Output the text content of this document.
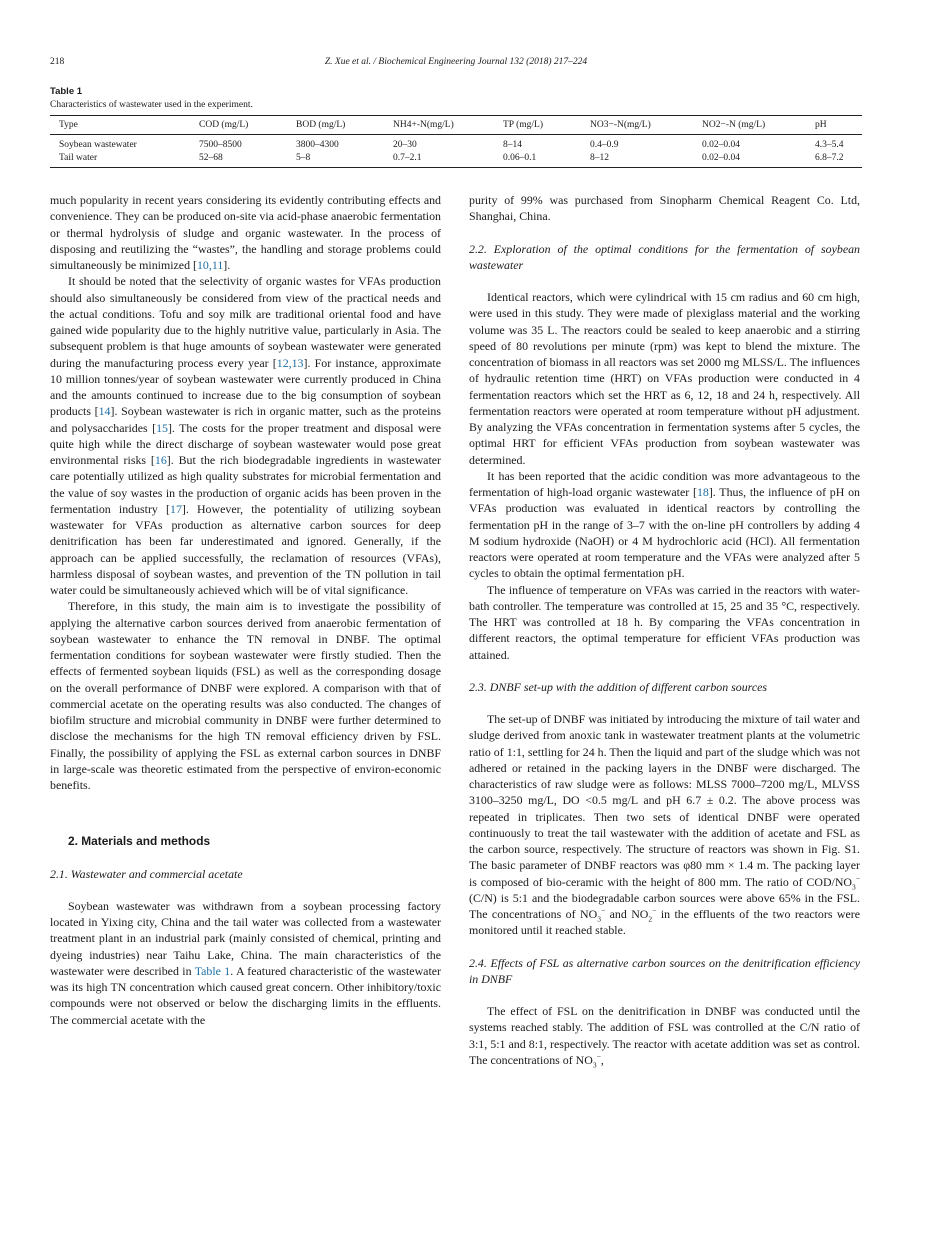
218	Z. Xue et al. / Biochemical Engineering Journal 132 (2018) 217–224
Table 1
Characteristics of wastewater used in the experiment.
Type	COD (mg/L)	BOD (mg/L)	NH4+-N(mg/L)	TP (mg/L)	NO3−-N(mg/L)	NO2−-N (mg/L)	pH
Soybean wastewater	7500–8500	3800–4300	20–30	8–14	0.4–0.9	0.02–0.04	4.3–5.4
Tail water	52–68	5–8	0.7–2.1	0.06–0.1	8–12	0.02–0.04	6.8–7.2

much popularity in recent years considering its evidently contributing effects and convenience. They can be produced on-site via acid-phase anaerobic fermentation or thermal hydrolysis of sludge and organic wastewater. In the process of disposing and reutilizing the “wastes”, the handling and storage problems could simultaneously be minimized [10,11].

It should be noted that the selectivity of organic wastes for VFAs production should also simultaneously be considered from view of the practical needs and the actual conditions. Tofu and soy milk are traditional oriental food and have gained wide popularity due to the highly nutritive value, particularly in Asia. The subsequent problem is that huge amounts of soybean wastewater were generated during the manufacturing process every year [12,13]. For instance, approximate 10 million tonnes/year of soybean wastewater were currently produced in China and the amounts continued to increase due to the big consumption of soybean products [14]. Soybean wastewater is rich in organic matter, such as the proteins and polysaccharides [15]. The costs for the proper treatment and disposal were quite high while the direct discharge of soybean wastewater would pose great environmental risks [16]. But the rich biodegradable ingredients in wastewater care potentially utilized as high quality substrates for microbial fermentation and the value of soy wastes in the production of organic acids has been proven in the fermentation industry [17]. However, the potentiality of utilizing soybean wastewater for VFAs production as alternative carbon sources for deep denitrification has been far underestimated and ignored. Generally, if the approach can be applied successfully, the reclamation of resources (VFAs), harmless disposal of soybean wastes, and prevention of the TN pollution in tail water could be simultaneously achieved which will be of vital significance.

Therefore, in this study, the main aim is to investigate the possibility of applying the alternative carbon sources derived from anaerobic fermentation of soybean wastewater to enhance the TN removal in DNBF. The optimal fermentation conditions for soybean wastewater were firstly studied. Then the effects of fermented soybean liquids (FSL) as well as the corresponding dosage on the overall performance of DNBF were explored. A comparison with that of commercial acetate on the operating results was also conducted. The changes of biofilm structure and microbial community in DNBF were further determined to disclose the mechanisms for the high TN removal efficiency driven by FSL. Finally, the possibility of applying the FSL as external carbon sources in DNBF in large-scale was theoretic estimated from the perspective of environ-economic benefits.

2. Materials and methods

2.1. Wastewater and commercial acetate

Soybean wastewater was withdrawn from a soybean processing factory located in Yixing city, China and the tail water was collected from a wastewater treatment plant in an industrial park (mainly consisted of chemical, printing and dyeing industries) near Taihu Lake, China. The main characteristics of the wastewater were described in Table 1. A featured characteristic of the wastewater was its high TN concentration which caused great concern. Other inhibitory/toxic compounds were not observed or below the discharging limits in the effluents. The commercial acetate with the

purity of 99% was purchased from Sinopharm Chemical Reagent Co. Ltd, Shanghai, China.

2.2. Exploration of the optimal conditions for the fermentation of soybean wastewater

Identical reactors, which were cylindrical with 15 cm radius and 60 cm high, were used in this study. They were made of plexiglass material and the working volume was 35 L. The reactors could be sealed to keep anaerobic and a stirring speed of 80 revolutions per minute (rpm) was kept to blend the mixture. The concentration of biomass in all reactors was set 2000 mg MLSS/L. The influences of hydraulic retention time (HRT) on VFAs production were conducted in 4 fermentation reactors which set the HRT as 6, 12, 18 and 24 h, respectively. All fermentation reactors were operated at room temperature without pH adjustment. By analyzing the VFAs concentration in fermentation systems after 5 cycles, the optimal HRT for efficient VFAs production from soybean wastewater was determined.

It has been reported that the acidic condition was more advantageous to the fermentation of high-load organic wastewater [18]. Thus, the influence of pH on VFAs production was evaluated in identical reactors by controlling the fermentation pH in the range of 3–7 with the on-line pH controllers by adding 4 M sodium hydroxide (NaOH) or 4 M hydrochloric acid (HCl). All fermentation reactors were operated at room temperature and the VFAs were analyzed after 5 cycles to obtain the optimal fermentation pH.

The influence of temperature on VFAs was carried in the reactors with water-bath controller. The temperature was controlled at 15, 25 and 35 °C, respectively. The HRT was controlled at 18 h. By comparing the VFAs concentration in different reactors, the optimal temperature for efficient VFAs production was attained.

2.3. DNBF set-up with the addition of different carbon sources

The set-up of DNBF was initiated by introducing the mixture of tail water and sludge derived from anoxic tank in wastewater treatment plants at the volumetric ratio of 1:1, settling for 24 h. Then the liquid and part of the sludge which was not adhered or retained in the packing layers in the DNBF were discharged. The characteristics of raw sludge were as follows: MLSS 7000–7200 mg/L, MLVSS 3100–3250 mg/L, DO <0.5 mg/L and pH 6.7 ± 0.2. The above process was repeated in triplicates. Then two sets of identical DNBF were operated continuously to treat the tail wastewater with the addition of acetate and FSL as the carbon source, respectively. The structure of reactors was shown in Fig. S1. The basic parameter of DNBF reactors was φ80 mm × 1.4 m. The packing layer is composed of bio-ceramic with the height of 800 mm. The ratio of COD/$NO_3^-$ (C/N) is 5:1 and the biodegradable carbon sources were above 65% in the FSL. The concentrations of $NO_3^-$ and $NO_2^-$ in the effluents of the two reactors were monitored until it reached stable.

2.4. Effects of FSL as alternative carbon sources on the denitrification efficiency in DNBF

The effect of FSL on the denitrification in DNBF was conducted until the systems reached stably. The addition of FSL was controlled at the C/N ratio of 3:1, 5:1 and 8:1, respectively. The reactor with acetate addition was set as control. The concentrations of $NO_3^-$,
